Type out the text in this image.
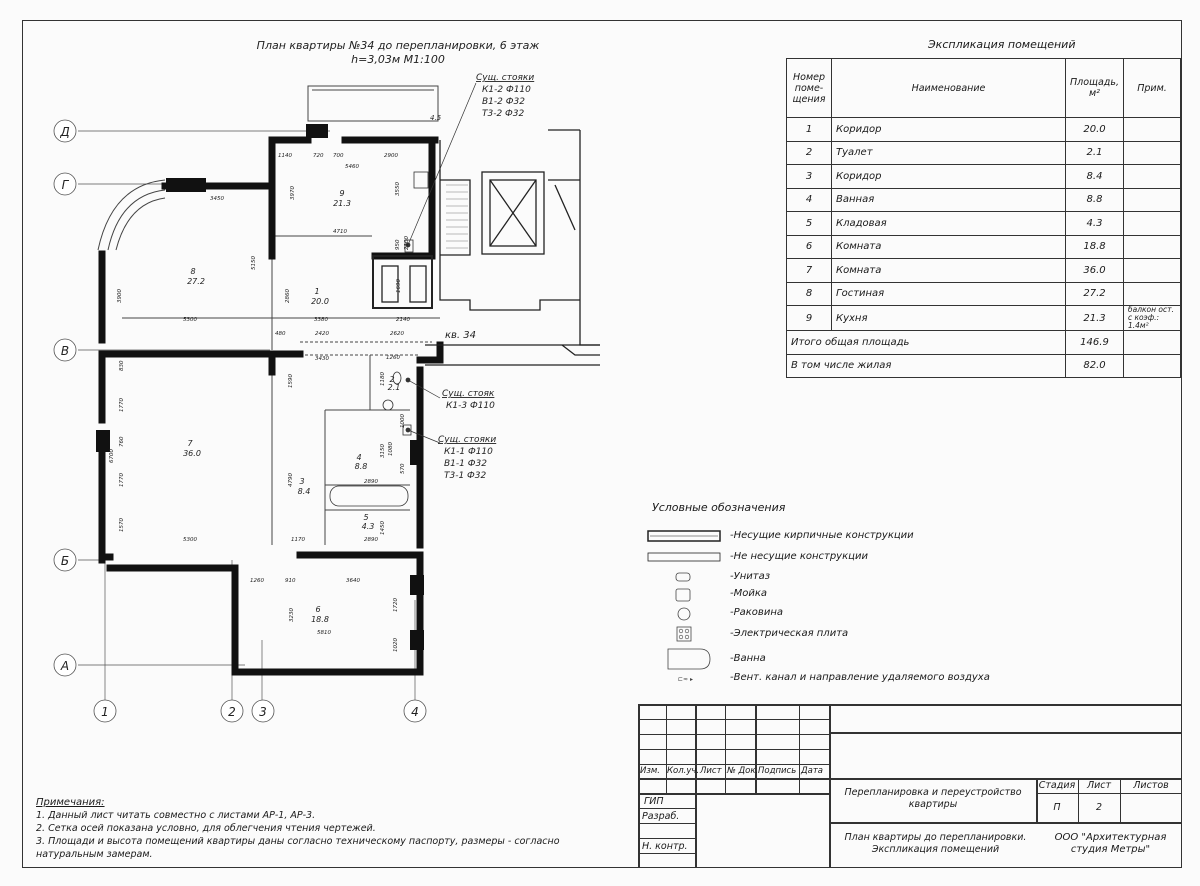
План квартиры №34 до перепланировки, 6 этаж
h=3,03м М1:100
Д
Г
В
Б
А
1	2 3	4
Сущ. стояки
К1-2 Ф110
В1-2 Ф32
Т3-2 Ф32
Сущ. стояк
К1-3 Ф110
Сущ. стояки
К1-1 Ф110
В1-1 Ф32
Т3-1 Ф32
кв. 34
4.5
9
21.3
8
27.2
1
20.0
7
36.0
2
2.1
3
8.4
4
8.8
5
4.3
6
18.8
1140	720 700	2900
5460
3450
4710
5300	3380	2140
480	2420	2620
3430	1260
5300	1170
2890
2890
1260	910	3640
5810
3970	3550
5150
3900	2860
1690
6700
1770
1770
1570
830
760
4790
1590	1180
3150 1080
570
1000
1450
950 2100
3230
1720
1020
Экспликация помещений
Номер поме-щения	Наименование	Площадь, м²	Прим.
1	Коридор	20.0	
2	Туалет	2.1	
3	Коридор	8.4	
4	Ванная	8.8	
5	Кладовая	4.3	
6	Комната	18.8	
7	Комната	36.0	
8	Гостиная	27.2	
9	Кухня	21.3	балкон ост. с коэф.: 1.4м²
Итого общая площадь		146.9	
В том числе жилая		82.0	
Условные обозначения
⊏≈ ▸
-Несущие кирпичные конструкции
-Не несущие конструкции
-Унитаз
-Мойка
-Раковина
-Электрическая плита
-Ванна
-Вент. канал и направление удаляемого воздуха
Примечания:
1. Данный лист читать совместно с листами АР-1, АР-3.
2. Сетка осей показана условно, для облегчения чтения чертежей.
3. Площади и высота помещений квартиры даны согласно техническому паспорту, размеры - согласно
натуральным замерам.
Изм. Кол.уч. Лист № Док. Подпись Дата
ГИП
Разраб.
Н. контр.
Перепланировка и переустройство квартиры
Стадия	Лист	Листов
П	2
План квартиры до перепланировки. Экспликация помещений
ООО "Архитектурная студия Метры"
